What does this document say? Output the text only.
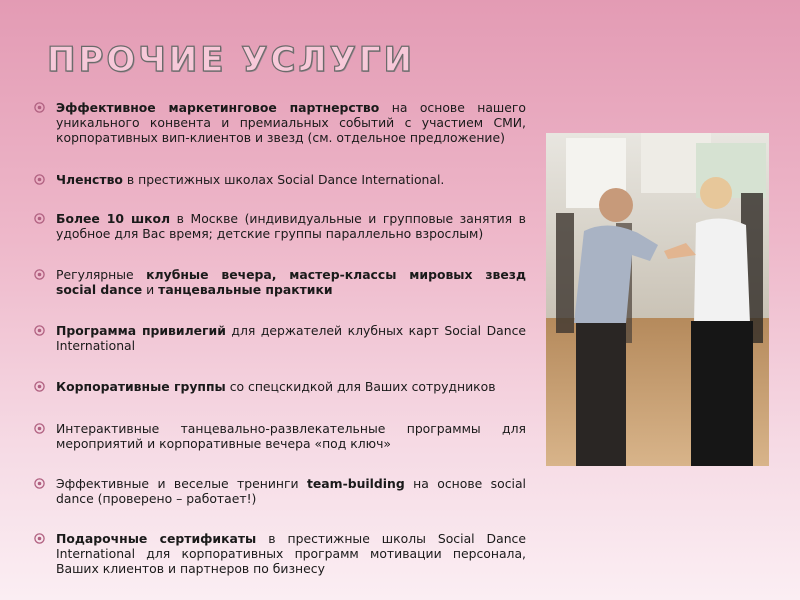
ПРОЧИЕ УСЛУГИ
Эффективное маркетинговое партнерство на основе нашего уникального конвента и премиальных событий с участием СМИ, корпоративных вип-клиентов и звезд (см. отдельное предложение)
Членство в престижных школах Social Dance International.
Более 10 школ в Москве (индивидуальные и групповые занятия в удобное для Вас время; детские группы параллельно взрослым)
Регулярные клубные вечера, мастер-классы мировых звезд social dance и танцевальные практики
Программа привилегий для держателей клубных карт Social Dance International
Корпоративные группы со спецскидкой для Ваших сотрудников
Интерактивные танцевально-развлекательные программы для мероприятий и корпоративные вечера «под ключ»
Эффективные и веселые тренинги team-building на основе social dance (проверено – работает!)
Подарочные сертификаты в престижные школы Social Dance International для корпоративных программ мотивации персонала, Ваших клиентов и партнеров по бизнесу
